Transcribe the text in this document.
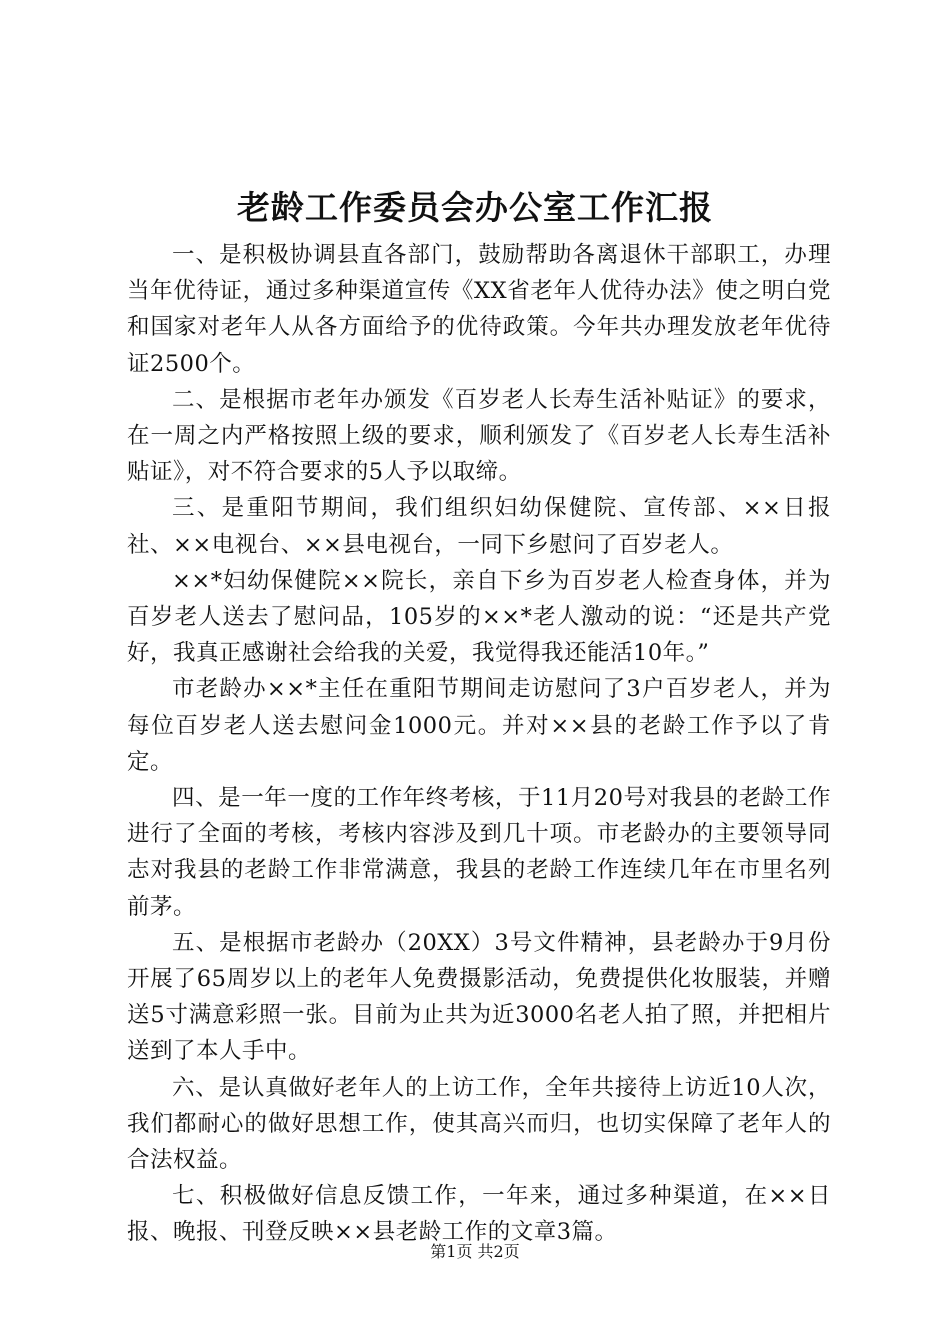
老龄工作委员会办公室工作汇报

一、是积极协调县直各部门，鼓励帮助各离退休干部职工，办理当年优待证，通过多种渠道宣传《XX省老年人优待办法》使之明白党和国家对老年人从各方面给予的优待政策。今年共办理发放老年优待证2500个。

二、是根据市老年办颁发《百岁老人长寿生活补贴证》的要求，在一周之内严格按照上级的要求，顺利颁发了《百岁老人长寿生活补贴证》，对不符合要求的5人予以取缔。

三、是重阳节期间，我们组织妇幼保健院、宣传部、××日报社、××电视台、××县电视台，一同下乡慰问了百岁老人。

××*妇幼保健院××院长，亲自下乡为百岁老人检查身体，并为百岁老人送去了慰问品，105岁的××*老人激动的说：“还是共产党好，我真正感谢社会给我的关爱，我觉得我还能活10年。”

市老龄办××*主任在重阳节期间走访慰问了3户百岁老人，并为每位百岁老人送去慰问金1000元。并对××县的老龄工作予以了肯定。

四、是一年一度的工作年终考核，于11月20号对我县的老龄工作进行了全面的考核，考核内容涉及到几十项。市老龄办的主要领导同志对我县的老龄工作非常满意，我县的老龄工作连续几年在市里名列前茅。

五、是根据市老龄办（20XX）3号文件精神，县老龄办于9月份开展了65周岁以上的老年人免费摄影活动，免费提供化妆服装，并赠送5寸满意彩照一张。目前为止共为近3000名老人拍了照，并把相片送到了本人手中。

六、是认真做好老年人的上访工作，全年共接待上访近10人次，我们都耐心的做好思想工作，使其高兴而归，也切实保障了老年人的合法权益。

七、积极做好信息反馈工作，一年来，通过多种渠道，在××日报、晚报、刊登反映××县老龄工作的文章3篇。

第1页 共2页
